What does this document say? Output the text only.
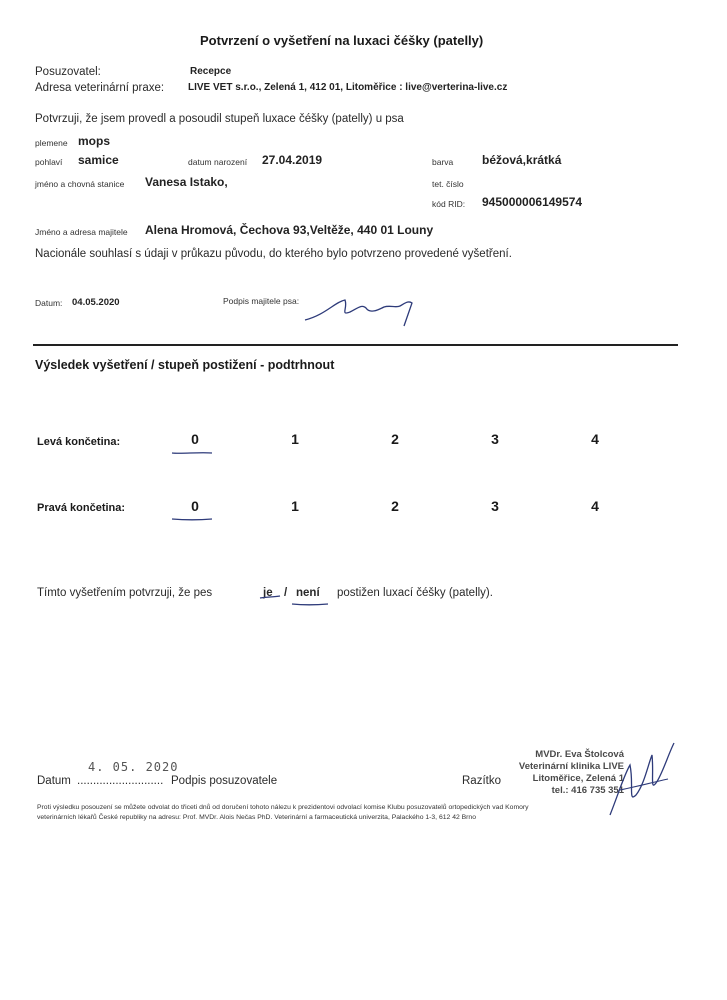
Potvrzení o vyšetření na luxaci čéšky (patelly)
Posuzovatel:	Recepce
Adresa veterinární praxe: LIVE VET s.r.o., Zelená 1, 412 01, Litoměřice : live@verterina-live.cz
Potvrzuji, že jsem provedl a posoudil stupeň luxace čéšky (patelly) u psa
plemene mops
pohlaví samice	datum narození 27.04.2019	barva béžová,krátká
jméno a chovná stanice Vanesa Istako,	tet. číslo
kód RID: 945000006149574
Jméno a adresa majitele Alena Hromová, Čechova 93,Veltěže, 440 01 Louny
Nacionále souhlasí s údaji v průkazu původu, do kterého bylo potvrzeno provedené vyšetření.
Datum: 04.05.2020	Podpis majitele psa:
Výsledek vyšetření / stupeň postižení - podtrhnout
Levá končetina:	0	1	2	3	4
Pravá končetina:	0	1	2	3	4
Tímto vyšetřením potvrzuji, že pes	je / není postižen luxací čéšky (patelly).
4. 05. 2020
Datum ........................... Podpis posuzovatele	Razítko
MVDr. Eva Štolcová
Veterinární klinika LIVE
Litoměřice, Zelená 1
tel.: 416 735 351
Proti výsledku posouzení se můžete odvolat do třiceti dnů od doručení tohoto nálezu k prezidentovi odvolací komise Klubu posuzovatelů ortopedických vad Komory
veterinárních lékařů České republiky na adresu: Prof. MVDr. Alois Nečas PhD. Veterinární a farmaceutická univerzita, Palackého 1-3, 612 42 Brno
